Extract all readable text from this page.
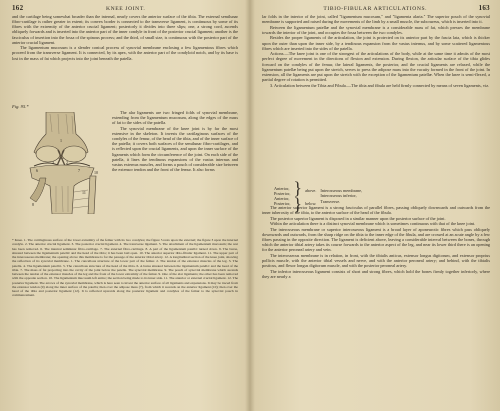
162	KNEE JOINT.

and the cartilage being somewhat broader than the internal, nearly covers the anterior surface of the tibia. The external semilunar fibro-cartilage is rather greater in extent; its convex border is connected to the transverse ligament, is continuous by some of its fibres with the extremity of the anterior crucial ligament; posteriorly it divides into three slips; one, a strong cord, ascends obliquely forwards and is inserted into the anterior part of the inner condyle in front of the posterior crucial ligament; another is the fasciculus of insertion into the fossa of the spinous process; and the third, of small size, is continuous with the posterior part of the anterior crucial ligament.

The ligamentum mucosum is a slender conical process of synovial membrane enclosing a few ligamentous fibres which proceed from the transverse ligament. It is connected, by its apex, with the anterior part of the condyloid notch, and by its base is lost in the mass of fat which projects into the joint beneath the patella.

Fig. 95.*
1
2
3
7
6
8
11
10

The alar ligaments are two fringed folds of synovial membrane, extending from the ligamentum mucosum, along the edges of the mass of fat to the sides of the patella.

The synovial membrane of the knee joint is by far the most extensive in the skeleton. It invests the cartilaginous surfaces of the condyles of the femur, of the head of the tibia, and of the inner surface of the patella; it covers both surfaces of the semilunar fibro-cartilages, and is reflected upon the crucial ligaments, and upon the inner surface of the ligaments which form the circumference of the joint. On each side of the patella, it lines the tendinous expansions of the vastus internus and vastus externus muscles, and forms a pouch of considerable size between the extensor tendon and the front of the femur. It also forms

* Knee. 1. The cartilaginous surface of the lower extremity of the femur with its two condyles; the figure 5 rests upon the external; the figure 3 upon the internal condyle. 2. The anterior crucial ligament. 3. The posterior crucial ligament. 4. The transverse ligament. 5. The attachment of the ligamentum mucosum; the rest has been removed. 6. The internal semilunar fibro-cartilage. 7. The external fibro-cartilage. 8. A part of the ligamentum patellæ turned down. 9. The bursa, situated between the ligamentum patellæ and the head of the tibia; it has been laid open. 10. The anterior superior tibio-fibular ligament. 11. The upper part of the interosseous membrane; the opening above this membrane is for the passage of the anterior tibial artery. 12. A longitudinal section of the knee joint, showing the reflection of its synovial membrane. 1. The cancellous structure of the lower part of the femur. 2. The tendon of the extensor muscles of the leg. 3. The patella. 4. The ligamentum patellæ. 5. The cancellous structure of the head of the tibia. 6. A bursa situated between the ligamentum patellæ and the head of the tibia. 7. The mass of fat projecting into the cavity of the joint below the patella. The synovial membrane. 9. The pouch of synovial membrane which ascends between the tendon of the extensor muscles of the leg and the front of the lower extremity of the femur. 9. One of the alar ligaments; the other has been removed with the opposite section. 10. The ligamentum mucosum left entire; the section being made to its inner side. 11. The anterior or external crucial ligament. 12. The posterior ligament. The arrows of the synovial membrane, which is here seen to invest the anterior surface of all ligaments and expansions. It may be traced from the extensor tendon (9) along the inner surface of the patella; then over the adipose mass (7), from which it ascends on the anterior ligament (10); then over the head of the tibia and posterior ligament (12). It is reflected upwards along the posterior ligament and condyles of the femur to the synovial pouch in commencement.

TIBIO-FIBULAR ARTICULATIONS.	163

lar folds in the interior of the joint, called "ligamentum mucosum," and "ligamenta alaria." The superior pouch of the synovial membrane is supported and raised during the movements of the limb by a small muscle, the subcrureus, which is inserted into it.

Between the ligamentum patellæ and the synovial membrane is a considerable mass of fat, which presses the membrane towards the interior of the joint, and occupies the fossa between the two condyles.

Besides the proper ligaments of the articulation, the joint is protected on its anterior part by the fascia lata, which is thicker upon the outer than upon the inner side, by a tendinous expansion from the vastus internus, and by some scattered ligamentous fibres which are inserted into the sides of the patella.

Actions.—The knee joint is one of the strongest of the articulations of the body, while at the same time it admits of the most perfect degree of movement in the directions of flexion and extension. During flexion, the articular surface of the tibia glides forward on the condyles of the femur, the lateral ligaments, the posterior, and the crucial ligaments are relaxed, while the ligamentum patellæ being put upon the stretch, serves to press the adipose mass into the vacuity formed in the front of the joint. In extension, all the ligaments are put upon the stretch with the exception of the ligamentum patellæ. When the knee is semi-flexed, a partial degree of rotation is permitted.

3. Articulation between the Tibia and Fibula.—The tibia and fibula are held firmly connected by means of seven ligaments, viz.

Anterior,
Posterior,
Anterior,
Posterior,
}
}
above.
below.
Interosseous membrane,
Interosseous inferior,
Transverse.

The anterior superior ligament is a strong fasciculus of parallel fibres, passing obliquely downwards and outwards from the inner tuberosity of the tibia, to the anterior surface of the head of the fibula.

The posterior superior ligament is disposed in a similar manner upon the posterior surface of the joint.

Within the articulation there is a distinct synovial membrane which is sometimes continuous with that of the knee joint.

The interosseous membrane or superior interosseous ligament is a broad layer of aponeurotic fibres which pass obliquely downwards and outwards, from the sharp ridge on the tibia to the inner edge of the fibula, and are crossed at an acute angle by a few fibres passing in the opposite direction. The ligament is deficient above, leaving a considerable interval between the bones, through which the anterior tibial artery takes its course forwards to the anterior aspect of the leg, and near its lower third there is an opening for the anterior peroneal artery and vein.

The interosseous membrane is in relation, in front, with the tibialis anticus, extensor longus digitorum, and extensor proprius pollicis muscle, with the anterior tibial vessels and nerve, and with the anterior peroneal artery; and behind, with the tibialis posticus, and flexor longus digitorum muscle, and with the posterior peroneal artery.

The inferior interosseous ligament consists of short and strong fibres, which hold the bones firmly together inferiorly, where they are nearly a
